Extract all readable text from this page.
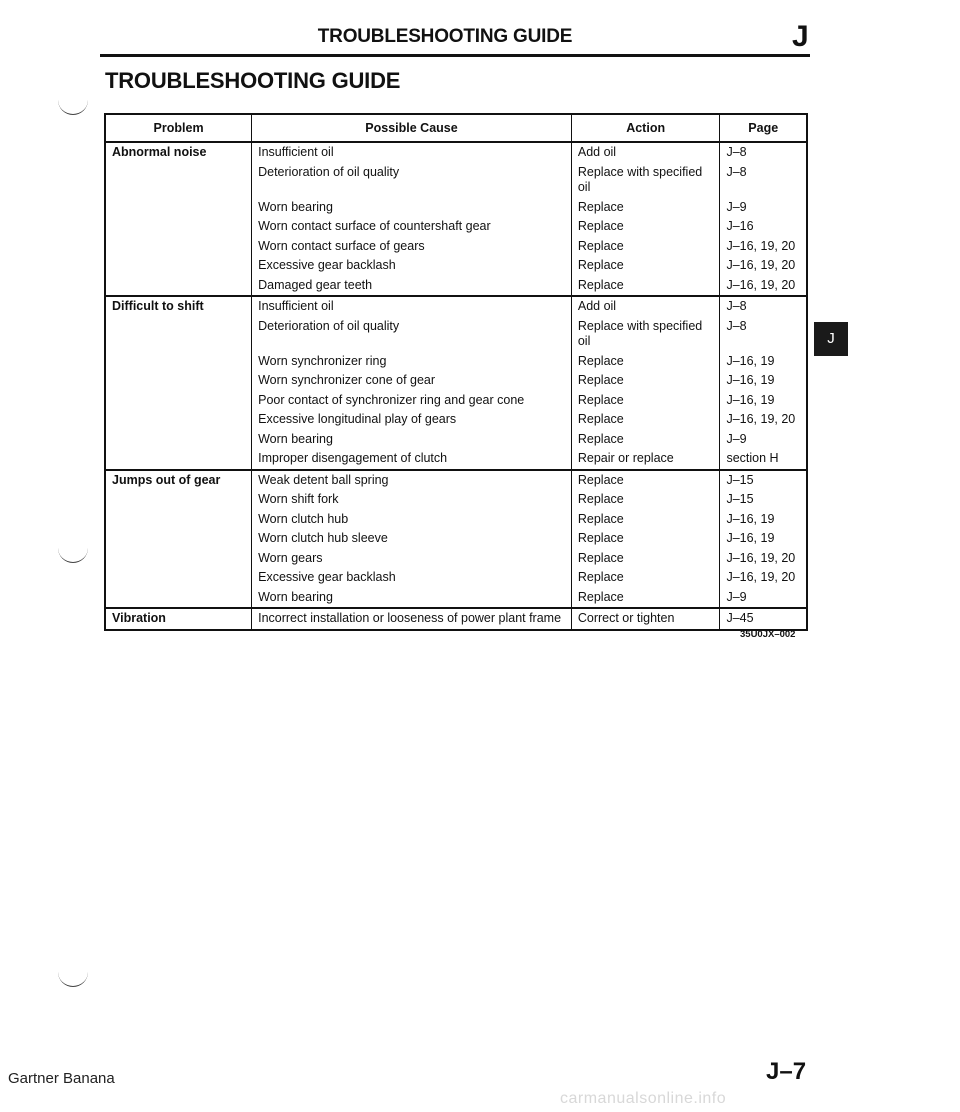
TROUBLESHOOTING GUIDE	J
TROUBLESHOOTING GUIDE
Problem	Possible Cause	Action	Page
Abnormal noise	Insufficient oil	Add oil	J–8
	Deterioration of oil quality	Replace with specified oil	J–8
	Worn bearing	Replace	J–9
	Worn contact surface of countershaft gear	Replace	J–16
	Worn contact surface of gears	Replace	J–16, 19, 20
	Excessive gear backlash	Replace	J–16, 19, 20
	Damaged gear teeth	Replace	J–16, 19, 20
Difficult to shift	Insufficient oil	Add oil	J–8
	Deterioration of oil quality	Replace with specified oil	J–8
	Worn synchronizer ring	Replace	J–16, 19
	Worn synchronizer cone of gear	Replace	J–16, 19
	Poor contact of synchronizer ring and gear cone	Replace	J–16, 19
	Excessive longitudinal play of gears	Replace	J–16, 19, 20
	Worn bearing	Replace	J–9
	Improper disengagement of clutch	Repair or replace	section H
Jumps out of gear	Weak detent ball spring	Replace	J–15
	Worn shift fork	Replace	J–15
	Worn clutch hub	Replace	J–16, 19
	Worn clutch hub sleeve	Replace	J–16, 19
	Worn gears	Replace	J–16, 19, 20
	Excessive gear backlash	Replace	J–16, 19, 20
	Worn bearing	Replace	J–9
Vibration	Incorrect installation or looseness of power plant frame	Correct or tighten	J–45
35U0JX–002
J
Gartner Banana	J–7
carmanualsonline.info
